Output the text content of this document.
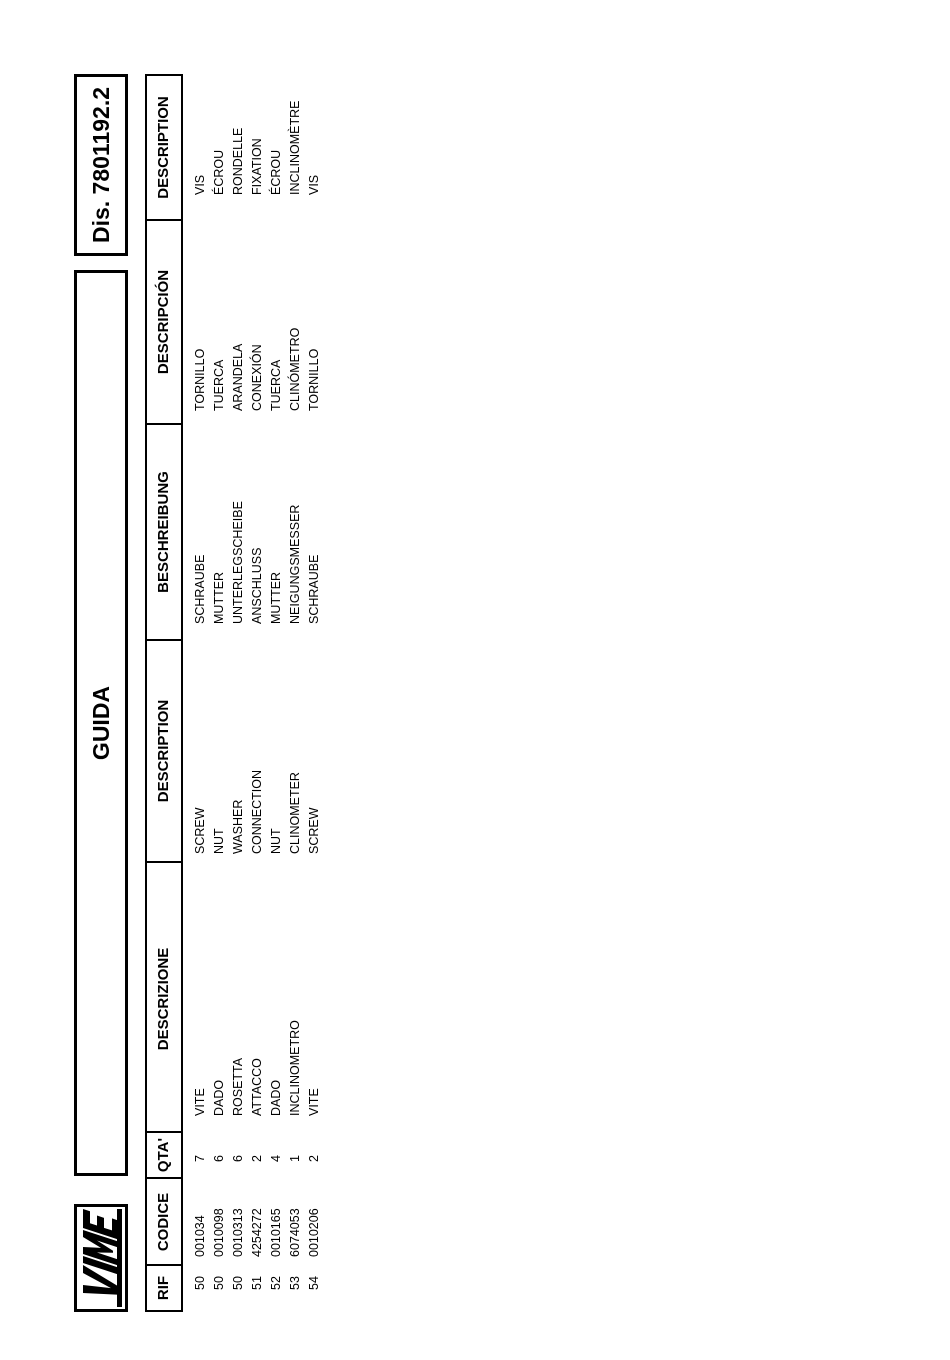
GUIDA
Dis. 7801192.2
RIF
CODICE
QTA'
DESCRIZIONE
DESCRIPTION
BESCHREIBUNG
DESCRIPCIÓN
DESCRIPTION
50
001034
7
VITE
SCREW
SCHRAUBE
TORNILLO
VIS
50
0010098
6
DADO
NUT
MUTTER
TUERCA
ÉCROU
50
0010313
6
ROSETTA
WASHER
UNTERLEGSCHEIBE
ARANDELA
RONDELLE
51
4254272
2
ATTACCO
CONNECTION
ANSCHLUSS
CONEXIÓN
FIXATION
52
0010165
4
DADO
NUT
MUTTER
TUERCA
ÉCROU
53
6074053
1
INCLINOMETRO
CLINOMETER
NEIGUNGSMESSER
CLINÓMETRO
INCLINOMÈTRE
54
0010206
2
VITE
SCREW
SCHRAUBE
TORNILLO
VIS
